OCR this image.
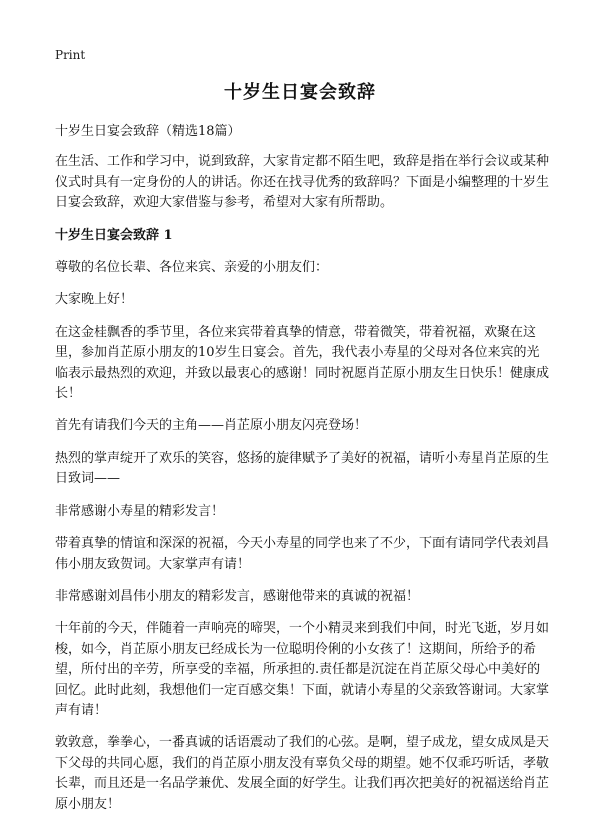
Print
十岁生日宴会致辞

十岁生日宴会致辞（精选18篇）

在生活、工作和学习中，说到致辞，大家肯定都不陌生吧，致辞是指在举行会议或某种仪式时具有一定身份的人的讲话。你还在找寻优秀的致辞吗？下面是小编整理的十岁生日宴会致辞，欢迎大家借鉴与参考，希望对大家有所帮助。

十岁生日宴会致辞 1

尊敬的名位长辈、各位来宾、亲爱的小朋友们：

大家晚上好！

在这金桂飘香的季节里，各位来宾带着真挚的情意，带着微笑，带着祝福，欢聚在这里，参加肖芷原小朋友的10岁生日宴会。首先，我代表小寿星的父母对各位来宾的光临表示最热烈的欢迎，并致以最衷心的感谢！同时祝愿肖芷原小朋友生日快乐！健康成长！

首先有请我们今天的主角——肖芷原小朋友闪亮登场！

热烈的掌声绽开了欢乐的笑容，悠扬的旋律赋予了美好的祝福，请听小寿星肖芷原的生日致词——

非常感谢小寿星的精彩发言！

带着真挚的情谊和深深的祝福，今天小寿星的同学也来了不少，下面有请同学代表刘昌伟小朋友致贺词。大家掌声有请！

非常感谢刘昌伟小朋友的精彩发言，感谢他带来的真诚的祝福！

十年前的今天，伴随着一声响亮的啼哭，一个小精灵来到我们中间，时光飞逝，岁月如梭，如今，肖芷原小朋友已经成长为一位聪明伶俐的小女孩了！这期间，所给予的希望，所付出的辛劳，所享受的幸福，所承担的.责任都是沉淀在肖芷原父母心中美好的回忆。此时此刻，我想他们一定百感交集！下面，就请小寿星的父亲致答谢词。大家掌声有请！

敦敦意，拳拳心，一番真诚的话语震动了我们的心弦。是啊，望子成龙，望女成凤是天下父母的共同心愿，我们的肖芷原小朋友没有辜负父母的期望。她不仅乖巧听话，孝敬长辈，而且还是一名品学兼优、发展全面的好学生。让我们再次把美好的祝福送给肖芷原小朋友！
